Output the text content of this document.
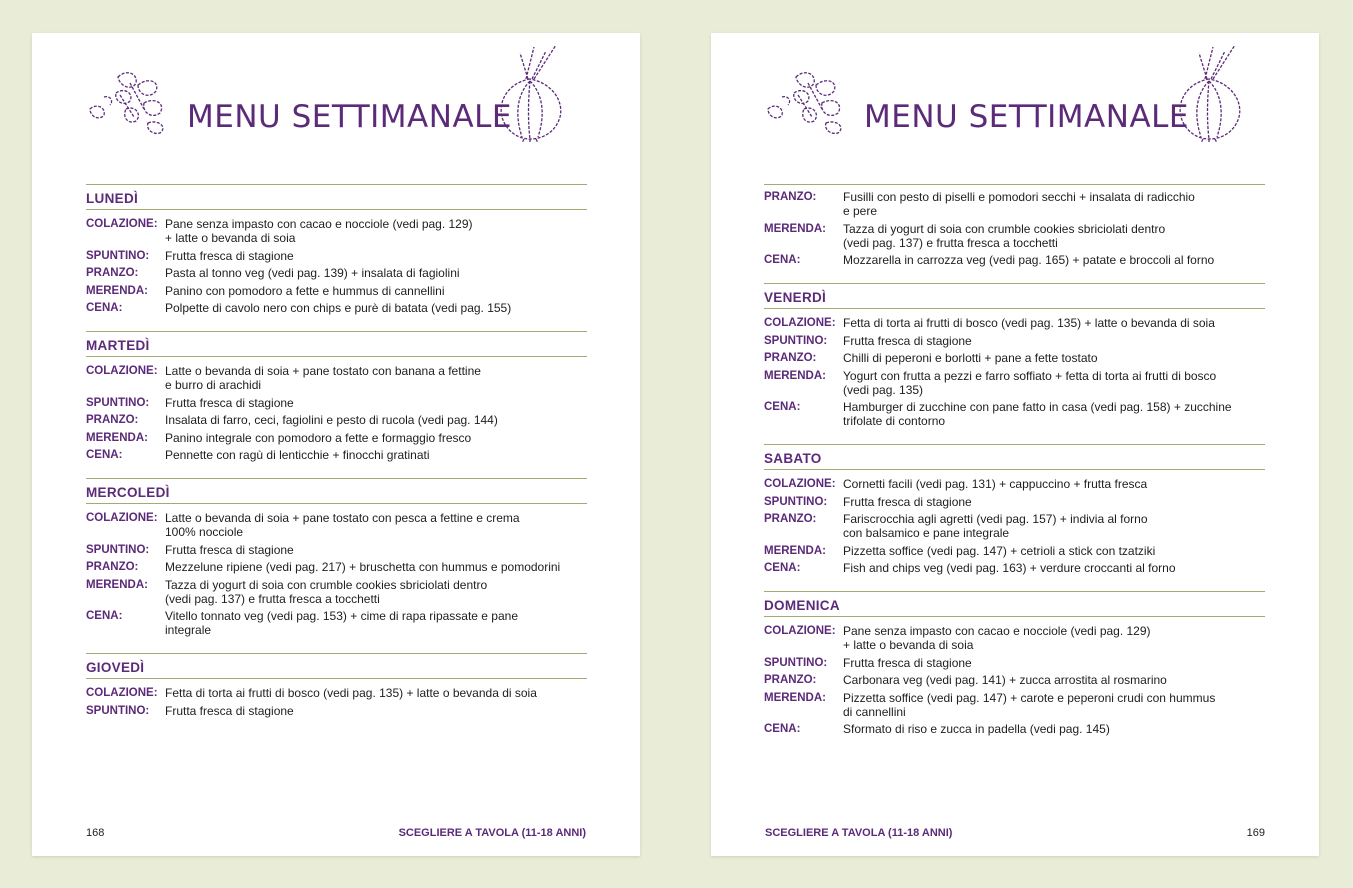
MENU SETTIMANALE
LUNEDÌ
COLAZIONE: Pane senza impasto con cacao e nocciole (vedi pag. 129)
+ latte o bevanda di soia
SPUNTINO:	Frutta fresca di stagione
PRANZO:	Pasta al tonno veg (vedi pag. 139) + insalata di fagiolini
MERENDA:	Panino con pomodoro a fette e hummus di cannellini
CENA:	Polpette di cavolo nero con chips e purè di batata (vedi pag. 155)
MARTEDÌ
COLAZIONE: Latte o bevanda di soia + pane tostato con banana a fettine
e burro di arachidi
SPUNTINO:	Frutta fresca di stagione
PRANZO:	Insalata di farro, ceci, fagiolini e pesto di rucola (vedi pag. 144)
MERENDA:	Panino integrale con pomodoro a fette e formaggio fresco
CENA:	Pennette con ragù di lenticchie + finocchi gratinati
MERCOLEDÌ
COLAZIONE: Latte o bevanda di soia + pane tostato con pesca a fettine e crema
100% nocciole
SPUNTINO:	Frutta fresca di stagione
PRANZO:	Mezzelune ripiene (vedi pag. 217) + bruschetta con hummus e pomodorini
MERENDA:	Tazza di yogurt di soia con crumble cookies sbriciolati dentro
(vedi pag. 137) e frutta fresca a tocchetti
CENA:	Vitello tonnato veg (vedi pag. 153) + cime di rapa ripassate e pane
integrale
GIOVEDÌ
COLAZIONE: Fetta di torta ai frutti di bosco (vedi pag. 135) + latte o bevanda di soia
SPUNTINO:	Frutta fresca di stagione
168	SCEGLIERE A TAVOLA (11-18 ANNI)
MENU SETTIMANALE
PRANZO:	Fusilli con pesto di piselli e pomodori secchi + insalata di radicchio
e pere
MERENDA:	Tazza di yogurt di soia con crumble cookies sbriciolati dentro
(vedi pag. 137) e frutta fresca a tocchetti
CENA:	Mozzarella in carrozza veg (vedi pag. 165) + patate e broccoli al forno
VENERDÌ
COLAZIONE: Fetta di torta ai frutti di bosco (vedi pag. 135) + latte o bevanda di soia
SPUNTINO:	Frutta fresca di stagione
PRANZO:	Chilli di peperoni e borlotti + pane a fette tostato
MERENDA:	Yogurt con frutta a pezzi e farro soffiato + fetta di torta ai frutti di bosco
(vedi pag. 135)
CENA:	Hamburger di zucchine con pane fatto in casa (vedi pag. 158) + zucchine
trifolate di contorno
SABATO
COLAZIONE: Cornetti facili (vedi pag. 131) + cappuccino + frutta fresca
SPUNTINO:	Frutta fresca di stagione
PRANZO:	Fariscrocchia agli agretti (vedi pag. 157) + indivia al forno
con balsamico e pane integrale
MERENDA:	Pizzetta soffice (vedi pag. 147) + cetrioli a stick con tzatziki
CENA:	Fish and chips veg (vedi pag. 163) + verdure croccanti al forno
DOMENICA
COLAZIONE: Pane senza impasto con cacao e nocciole (vedi pag. 129)
+ latte o bevanda di soia
SPUNTINO:	Frutta fresca di stagione
PRANZO:	Carbonara veg (vedi pag. 141) + zucca arrostita al rosmarino
MERENDA:	Pizzetta soffice (vedi pag. 147) + carote e peperoni crudi con hummus
di cannellini
CENA:	Sformato di riso e zucca in padella (vedi pag. 145)
SCEGLIERE A TAVOLA (11-18 ANNI)	169
